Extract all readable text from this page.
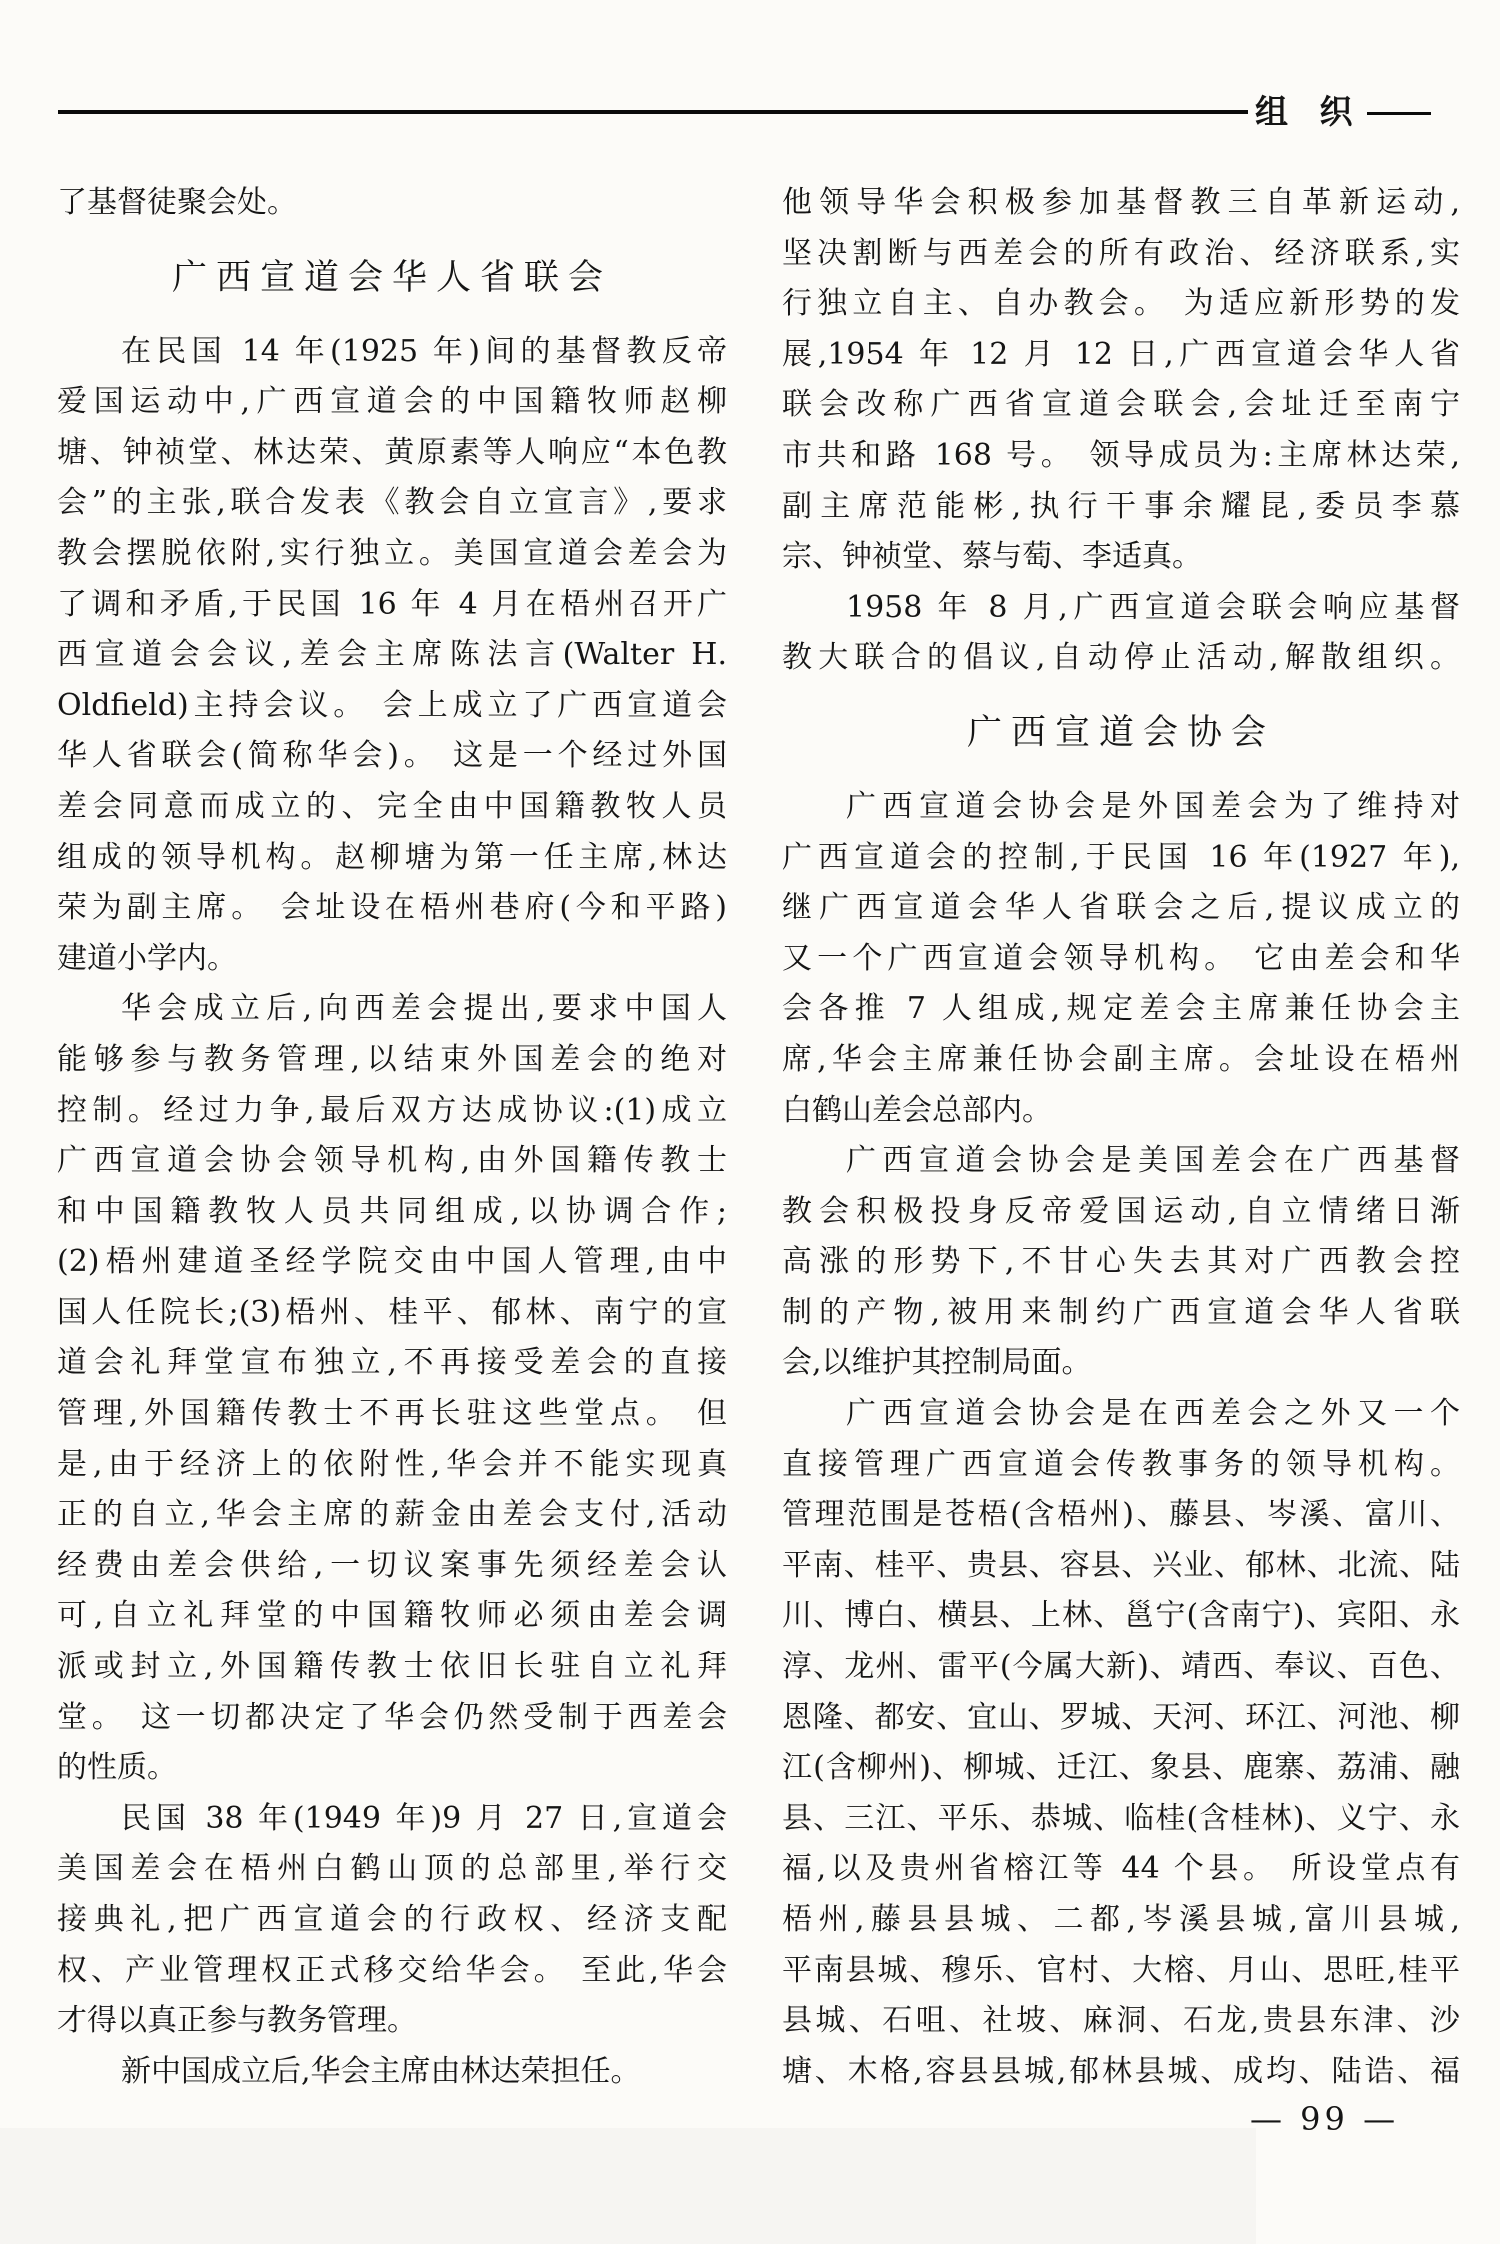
组 织
了基督徒聚会处。
广西宣道会华人省联会
在民国 14 年(1925 年)间的基督教反帝
爱国运动中,广西宣道会的中国籍牧师赵柳
塘、钟祯堂、林达荣、黄原素等人响应“本色教
会”的主张,联合发表《教会自立宣言》,要求
教会摆脱依附,实行独立。美国宣道会差会为
了调和矛盾,于民国 16 年 4 月在梧州召开广
西宣道会会议,差会主席陈法言(Walter H.
Oldfield)主持会议。 会上成立了广西宣道会
华人省联会(简称华会)。 这是一个经过外国
差会同意而成立的、完全由中国籍教牧人员
组成的领导机构。赵柳塘为第一任主席,林达
荣为副主席。 会址设在梧州巷府(今和平路)
建道小学内。
华会成立后,向西差会提出,要求中国人
能够参与教务管理,以结束外国差会的绝对
控制。经过力争,最后双方达成协议:(1)成立
广西宣道会协会领导机构,由外国籍传教士
和中国籍教牧人员共同组成,以协调合作;
(2)梧州建道圣经学院交由中国人管理,由中
国人任院长;(3)梧州、桂平、郁林、南宁的宣
道会礼拜堂宣布独立,不再接受差会的直接
管理,外国籍传教士不再长驻这些堂点。 但
是,由于经济上的依附性,华会并不能实现真
正的自立,华会主席的薪金由差会支付,活动
经费由差会供给,一切议案事先须经差会认
可,自立礼拜堂的中国籍牧师必须由差会调
派或封立,外国籍传教士依旧长驻自立礼拜
堂。 这一切都决定了华会仍然受制于西差会
的性质。
民国 38 年(1949 年)9 月 27 日,宣道会
美国差会在梧州白鹤山顶的总部里,举行交
接典礼,把广西宣道会的行政权、经济支配
权、产业管理权正式移交给华会。 至此,华会
才得以真正参与教务管理。
新中国成立后,华会主席由林达荣担任。
他领导华会积极参加基督教三自革新运动,
坚决割断与西差会的所有政治、经济联系,实
行独立自主、自办教会。 为适应新形势的发
展,1954 年 12 月 12 日,广西宣道会华人省
联会改称广西省宣道会联会,会址迁至南宁
市共和路 168 号。 领导成员为:主席林达荣,
副主席范能彬,执行干事余耀昆,委员李慕
宗、钟祯堂、蔡与萄、李适真。
1958 年 8 月,广西宣道会联会响应基督
教大联合的倡议,自动停止活动,解散组织。
广西宣道会协会
广西宣道会协会是外国差会为了维持对
广西宣道会的控制,于民国 16 年(1927 年),
继广西宣道会华人省联会之后,提议成立的
又一个广西宣道会领导机构。 它由差会和华
会各推 7 人组成,规定差会主席兼任协会主
席,华会主席兼任协会副主席。会址设在梧州
白鹤山差会总部内。
广西宣道会协会是美国差会在广西基督
教会积极投身反帝爱国运动,自立情绪日渐
高涨的形势下,不甘心失去其对广西教会控
制的产物,被用来制约广西宣道会华人省联
会,以维护其控制局面。
广西宣道会协会是在西差会之外又一个
直接管理广西宣道会传教事务的领导机构。
管理范围是苍梧(含梧州)、藤县、岑溪、富川、
平南、桂平、贵县、容县、兴业、郁林、北流、陆
川、博白、横县、上林、邕宁(含南宁)、宾阳、永
淳、龙州、雷平(今属大新)、靖西、奉议、百色、
恩隆、都安、宜山、罗城、天河、环江、河池、柳
江(含柳州)、柳城、迁江、象县、鹿寨、荔浦、融
县、三江、平乐、恭城、临桂(含桂林)、义宁、永
福,以及贵州省榕江等 44 个县。 所设堂点有
梧州,藤县县城、二都,岑溪县城,富川县城,
平南县城、穆乐、官村、大榕、月山、思旺,桂平
县城、石咀、社坡、麻洞、石龙,贵县东津、沙
塘、木格,容县县城,郁林县城、成均、陆诰、福
— 99 —
